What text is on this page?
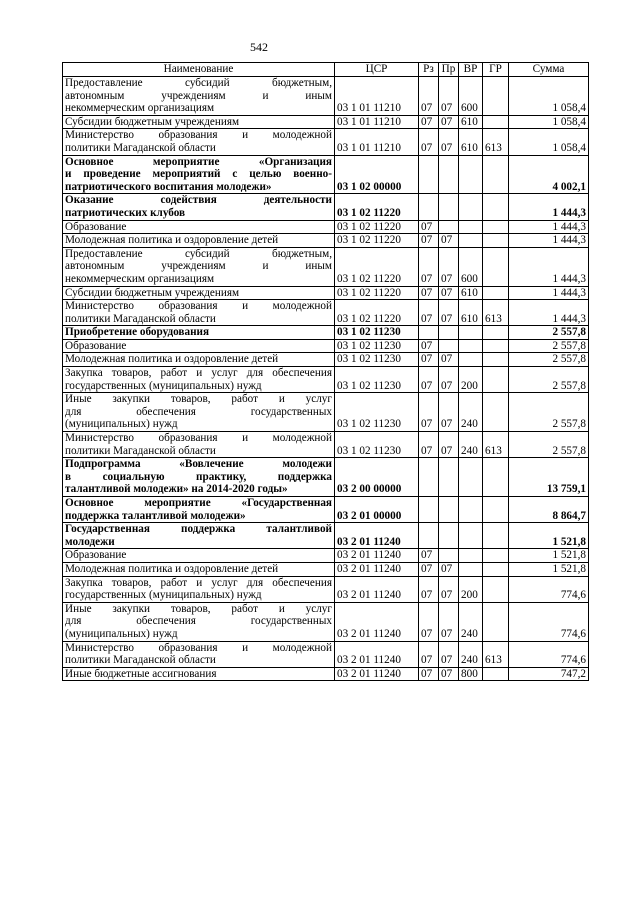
542
Наименование	ЦСР	Рз	Пр	ВР	ГР	Сумма

Предоставление субсидий бюджетным,
автономным учреждениям и иным
некоммерческим организациям	03 1 01 11210	07	07	600		1 058,4

Субсидии бюджетным учреждениям	03 1 01 11210	07	07	610		1 058,4

Министерство образования и молодежной
политики Магаданской области	03 1 01 11210	07	07	610	613	1 058,4

Основное мероприятие «Организация
и проведение мероприятий с целью военно-
патриотического воспитания молодежи»	03 1 02 00000					4 002,1

Оказание содействия деятельности
патриотических клубов	03 1 02 11220					1 444,3

Образование	03 1 02 11220	07				1 444,3

Молодежная политика и оздоровление детей	03 1 02 11220	07	07			1 444,3

Предоставление субсидий бюджетным,
автономным учреждениям и иным
некоммерческим организациям	03 1 02 11220	07	07	600		1 444,3

Субсидии бюджетным учреждениям	03 1 02 11220	07	07	610		1 444,3

Министерство образования и молодежной
политики Магаданской области	03 1 02 11220	07	07	610	613	1 444,3

Приобретение оборудования	03 1 02 11230					2 557,8

Образование	03 1 02 11230	07				2 557,8

Молодежная политика и оздоровление детей	03 1 02 11230	07	07			2 557,8

Закупка товаров, работ и услуг для обеспечения
государственных (муниципальных) нужд	03 1 02 11230	07	07	200		2 557,8

Иные закупки товаров, работ и услуг
для обеспечения государственных
(муниципальных) нужд	03 1 02 11230	07	07	240		2 557,8

Министерство образования и молодежной
политики Магаданской области	03 1 02 11230	07	07	240	613	2 557,8

Подпрограмма «Вовлечение молодежи
в социальную практику, поддержка
талантливой молодежи» на 2014-2020 годы»	03 2 00 00000					13 759,1

Основное мероприятие «Государственная
поддержка талантливой молодежи»	03 2 01 00000					8 864,7

Государственная поддержка талантливой
молодежи	03 2 01 11240					1 521,8

Образование	03 2 01 11240	07				1 521,8

Молодежная политика и оздоровление детей	03 2 01 11240	07	07			1 521,8

Закупка товаров, работ и услуг для обеспечения
государственных (муниципальных) нужд	03 2 01 11240	07	07	200		774,6

Иные закупки товаров, работ и услуг
для обеспечения государственных
(муниципальных) нужд	03 2 01 11240	07	07	240		774,6

Министерство образования и молодежной
политики Магаданской области	03 2 01 11240	07	07	240	613	774,6

Иные бюджетные ассигнования	03 2 01 11240	07	07	800		747,2
